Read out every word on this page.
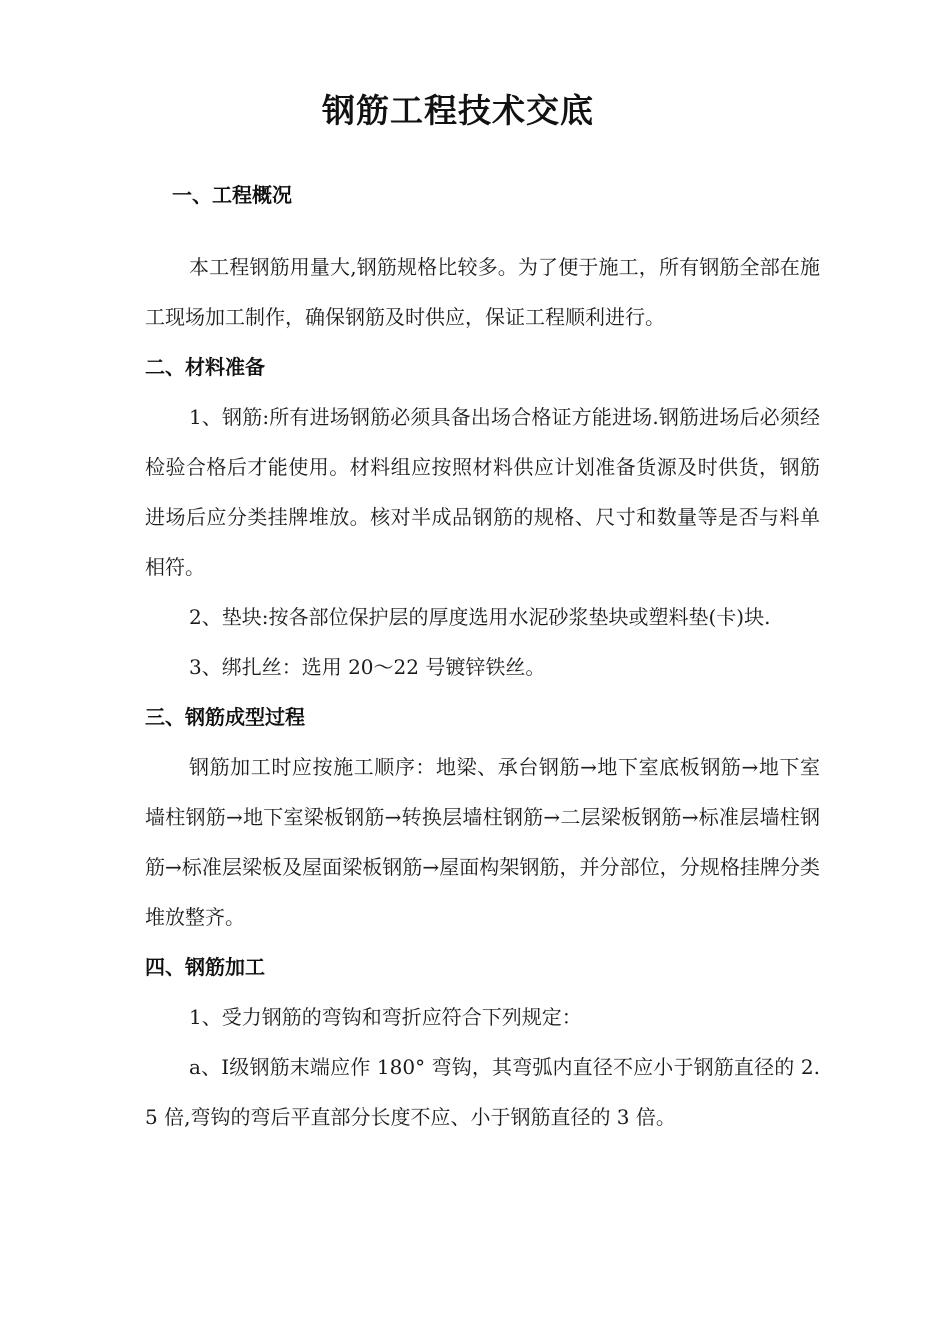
钢筋工程技术交底
一、工程概况
本工程钢筋用量大,钢筋规格比较多。为了便于施工，所有钢筋全部在施工现场加工制作，确保钢筋及时供应，保证工程顺利进行。
二、材料准备
1、钢筋:所有进场钢筋必须具备出场合格证方能进场.钢筋进场后必须经检验合格后才能使用。材料组应按照材料供应计划准备货源及时供货，钢筋进场后应分类挂牌堆放。核对半成品钢筋的规格、尺寸和数量等是否与料单相符。
2、垫块:按各部位保护层的厚度选用水泥砂浆垫块或塑料垫(卡)块.
3、绑扎丝：选用 20～22 号镀锌铁丝。
三、钢筋成型过程
钢筋加工时应按施工顺序：地梁、承台钢筋→地下室底板钢筋→地下室墙柱钢筋→地下室梁板钢筋→转换层墙柱钢筋→二层梁板钢筋→标准层墙柱钢筋→标准层梁板及屋面梁板钢筋→屋面构架钢筋，并分部位，分规格挂牌分类堆放整齐。
四、钢筋加工
1、受力钢筋的弯钩和弯折应符合下列规定：
a、Ⅰ级钢筋末端应作 180° 弯钩，其弯弧内直径不应小于钢筋直径的 2.5 倍,弯钩的弯后平直部分长度不应、小于钢筋直径的 3 倍。
